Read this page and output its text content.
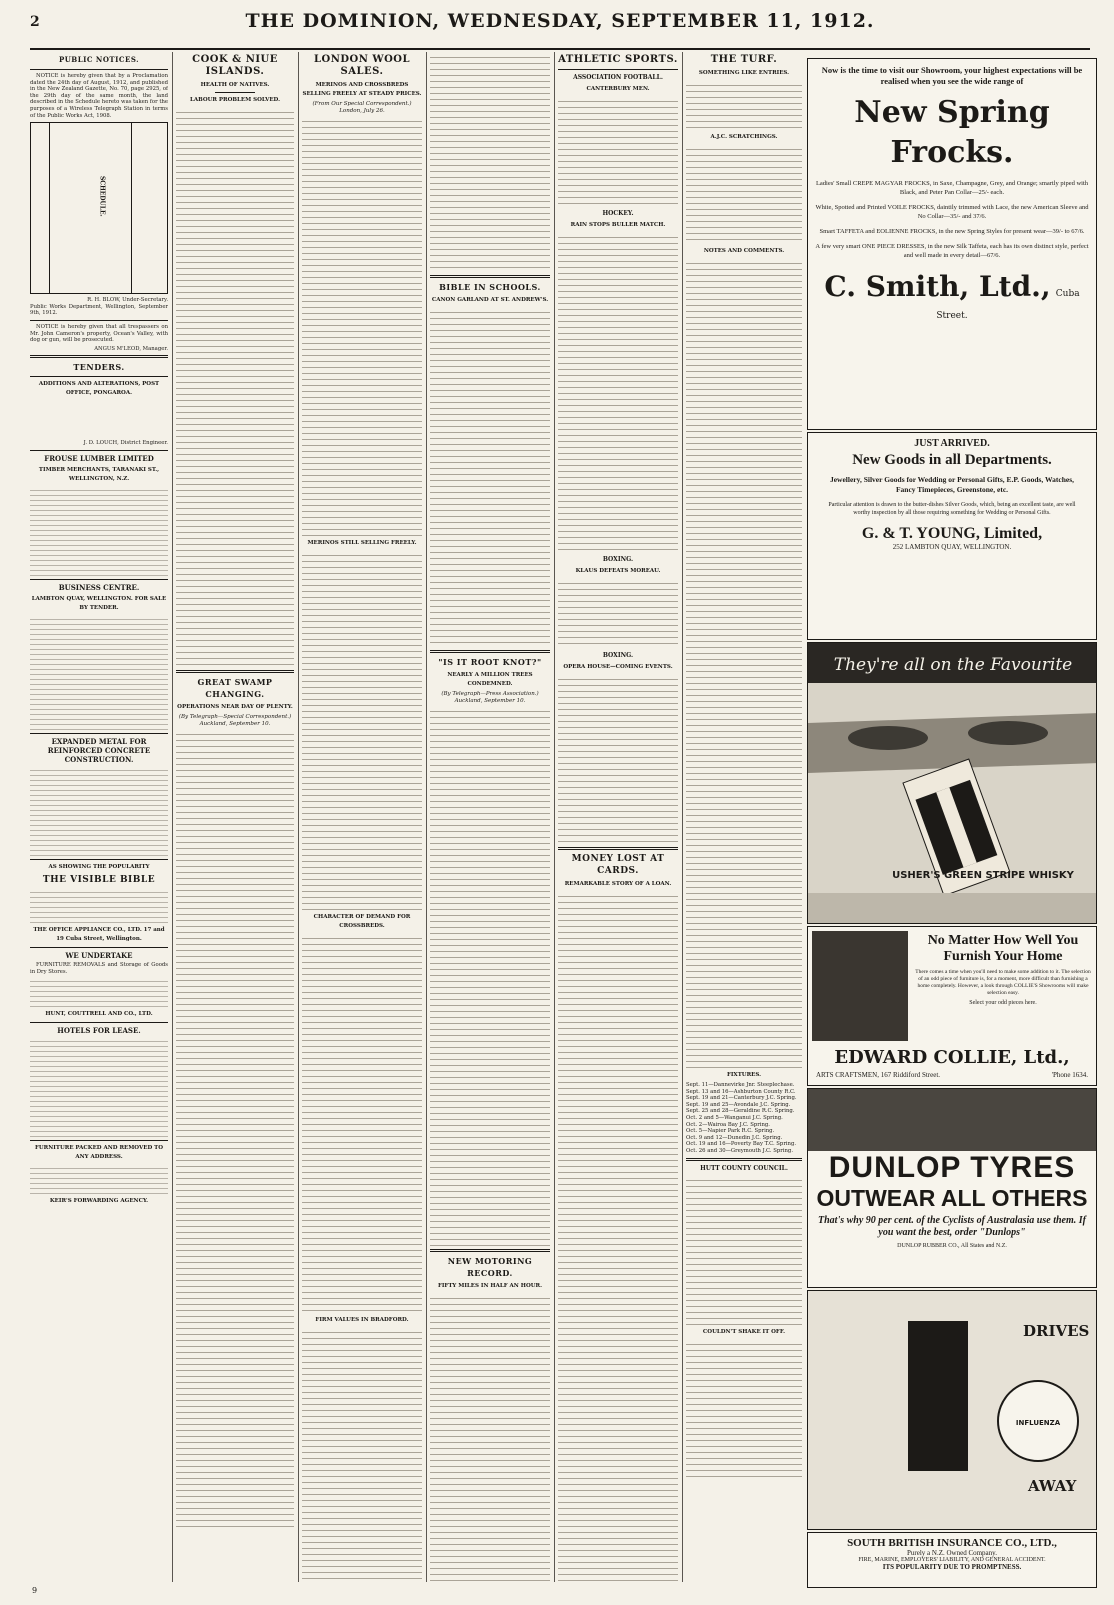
2	THE DOMINION, WEDNESDAY, SEPTEMBER 11, 1912.
PUBLIC NOTICES.
NOTICE is hereby given that by a Proclamation dated the 24th day of August, 1912, and published in the New Zealand Gazette, No. 70, page 2925, of the 29th day of the same month, the land described in the Schedule hereto was taken for the purposes of a Wireless Telegraph Station in terms of the Public Works Act, 1908.
SCHEDULE.
R. H. BLOW, Under-Secretary.
Public Works Department, Wellington, September 9th, 1912.
NOTICE is hereby given that all trespassers on Mr. John Cameron's property, Ocean's Valley, with dog or gun, will be prosecuted.
ANGUS M'LEOD, Manager.
TENDERS.
ADDITIONS AND ALTERATIONS, POST OFFICE, PONGAROA.
J. D. LOUCH, District Engineer.
FROUSE LUMBER LIMITED
TIMBER MERCHANTS, TARANAKI ST., WELLINGTON, N.Z.
BUSINESS CENTRE.
LAMBTON QUAY, WELLINGTON. FOR SALE BY TENDER.
EXPANDED METAL FOR REINFORCED CONCRETE CONSTRUCTION.
AS SHOWING THE POPULARITY
THE VISIBLE BIBLE
THE OFFICE APPLIANCE CO., LTD. 17 and 19 Cuba Street, Wellington.
WE UNDERTAKE
FURNITURE REMOVALS and Storage of Goods in Dry Stores.
HUNT, COUTTRELL AND CO., LTD.
HOTELS FOR LEASE.
FURNITURE PACKED AND REMOVED TO ANY ADDRESS.
KEIR'S FORWARDING AGENCY.
COOK & NIUE ISLANDS.
HEALTH OF NATIVES.
LABOUR PROBLEM SOLVED.
GREAT SWAMP CHANGING.
OPERATIONS NEAR DAY OF PLENTY.
(By Telegraph—Special Correspondent.) Auckland, September 10.
LONDON WOOL SALES.
MERINOS AND CROSSBREDS SELLING FREELY AT STEADY PRICES.
(From Our Special Correspondent.) London, July 26.
MERINOS STILL SELLING FREELY.
CHARACTER OF DEMAND FOR CROSSBREDS.
FIRM VALUES IN BRADFORD.
BIBLE IN SCHOOLS.
CANON GARLAND AT ST. ANDREW'S.
"IS IT ROOT KNOT?"
NEARLY A MILLION TREES CONDEMNED.
(By Telegraph—Press Association.) Auckland, September 10.
NEW MOTORING RECORD.
FIFTY MILES IN HALF AN HOUR.
ATHLETIC SPORTS.
ASSOCIATION FOOTBALL.
CANTERBURY MEN.
HOCKEY.
RAIN STOPS BULLER MATCH.
BOXING.
KLAUS DEFEATS MOREAU.
BOXING.
OPERA HOUSE—COMING EVENTS.
MONEY LOST AT CARDS.
REMARKABLE STORY OF A LOAN.
THE TURF.
SOMETHING LIKE ENTRIES.
A.J.C. SCRATCHINGS.
NOTES AND COMMENTS.
FIXTURES.
Sept. 11—Dannevirke Jnr. Steeplechase.
Sept. 13 and 16—Ashburton County R.C.
Sept. 19 and 21—Canterbury J.C. Spring.
Sept. 19 and 25—Avondale J.C. Spring.
Sept. 25 and 28—Geraldine R.C. Spring.
Oct. 2 and 5—Wanganui J.C. Spring.
Oct. 2—Wairoa Bay J.C. Spring.
Oct. 5—Napier Park R.C. Spring.
Oct. 9 and 12—Dunedin J.C. Spring.
Oct. 19 and 16—Poverty Bay T.C. Spring.
Oct. 26 and 30—Greymouth J.C. Spring.
HUTT COUNTY COUNCIL.
COULDN'T SHAKE IT OFF.
Now is the time to visit our Showroom, your highest expectations will be realised when you see the wide range of
New Spring Frocks.
Ladies' Small CREPE MAGYAR FROCKS, in Saxe, Champagne, Grey, and Orange; smartly piped with Black, and Peter Pan Collar—25/- each.
White, Spotted and Printed VOILE FROCKS, daintily trimmed with Lace, the new American Sleeve and No Collar—35/- and 37/6.
Smart TAFFETA and EOLIENNE FROCKS, in the new Spring Styles for present wear—39/- to 67/6.
A few very smart ONE PIECE DRESSES, in the new Silk Taffeta, each has its own distinct style, perfect and well made in every detail—67/6.
C. Smith, Ltd., Cuba Street.
JUST ARRIVED.
New Goods in all Departments.
Jewellery, Silver Goods for Wedding or Personal Gifts, E.P. Goods, Watches, Fancy Timepieces, Greenstone, etc.
Particular attention is drawn to the butter-dishes Silver Goods, which, being an excellent taste, are well worthy inspection by all those requiring something for Wedding or Personal Gifts.
G. & T. YOUNG, Limited,
252 LAMBTON QUAY, WELLINGTON.
They're all on the Favourite
USHER'S GREEN STRIPE WHISKY
No Matter How Well You Furnish Your Home
There comes a time when you'll need to make some addition to it. The selection of an odd piece of furniture is, for a moment, more difficult than furnishing a home completely. However, a look through COLLIE'S Showrooms will make selection easy.
Select your odd pieces here.
EDWARD COLLIE, Ltd.,
ARTS CRAFTSMEN, 167 Riddiford Street.	'Phone 1634.
DUNLOP TYRES
OUTWEAR ALL OTHERS
That's why 90 per cent. of the Cyclists of Australasia use them. If you want the best, order "Dunlops"
DUNLOP RUBBER CO., All States and N.Z.
INFLUENZA
DRIVES
AWAY
SOUTH BRITISH INSURANCE CO., LTD.,
Purely a N.Z. Owned Company.
FIRE, MARINE, EMPLOYERS' LIABILITY, AND GENERAL ACCIDENT.
ITS POPULARITY DUE TO PROMPTNESS.
9
